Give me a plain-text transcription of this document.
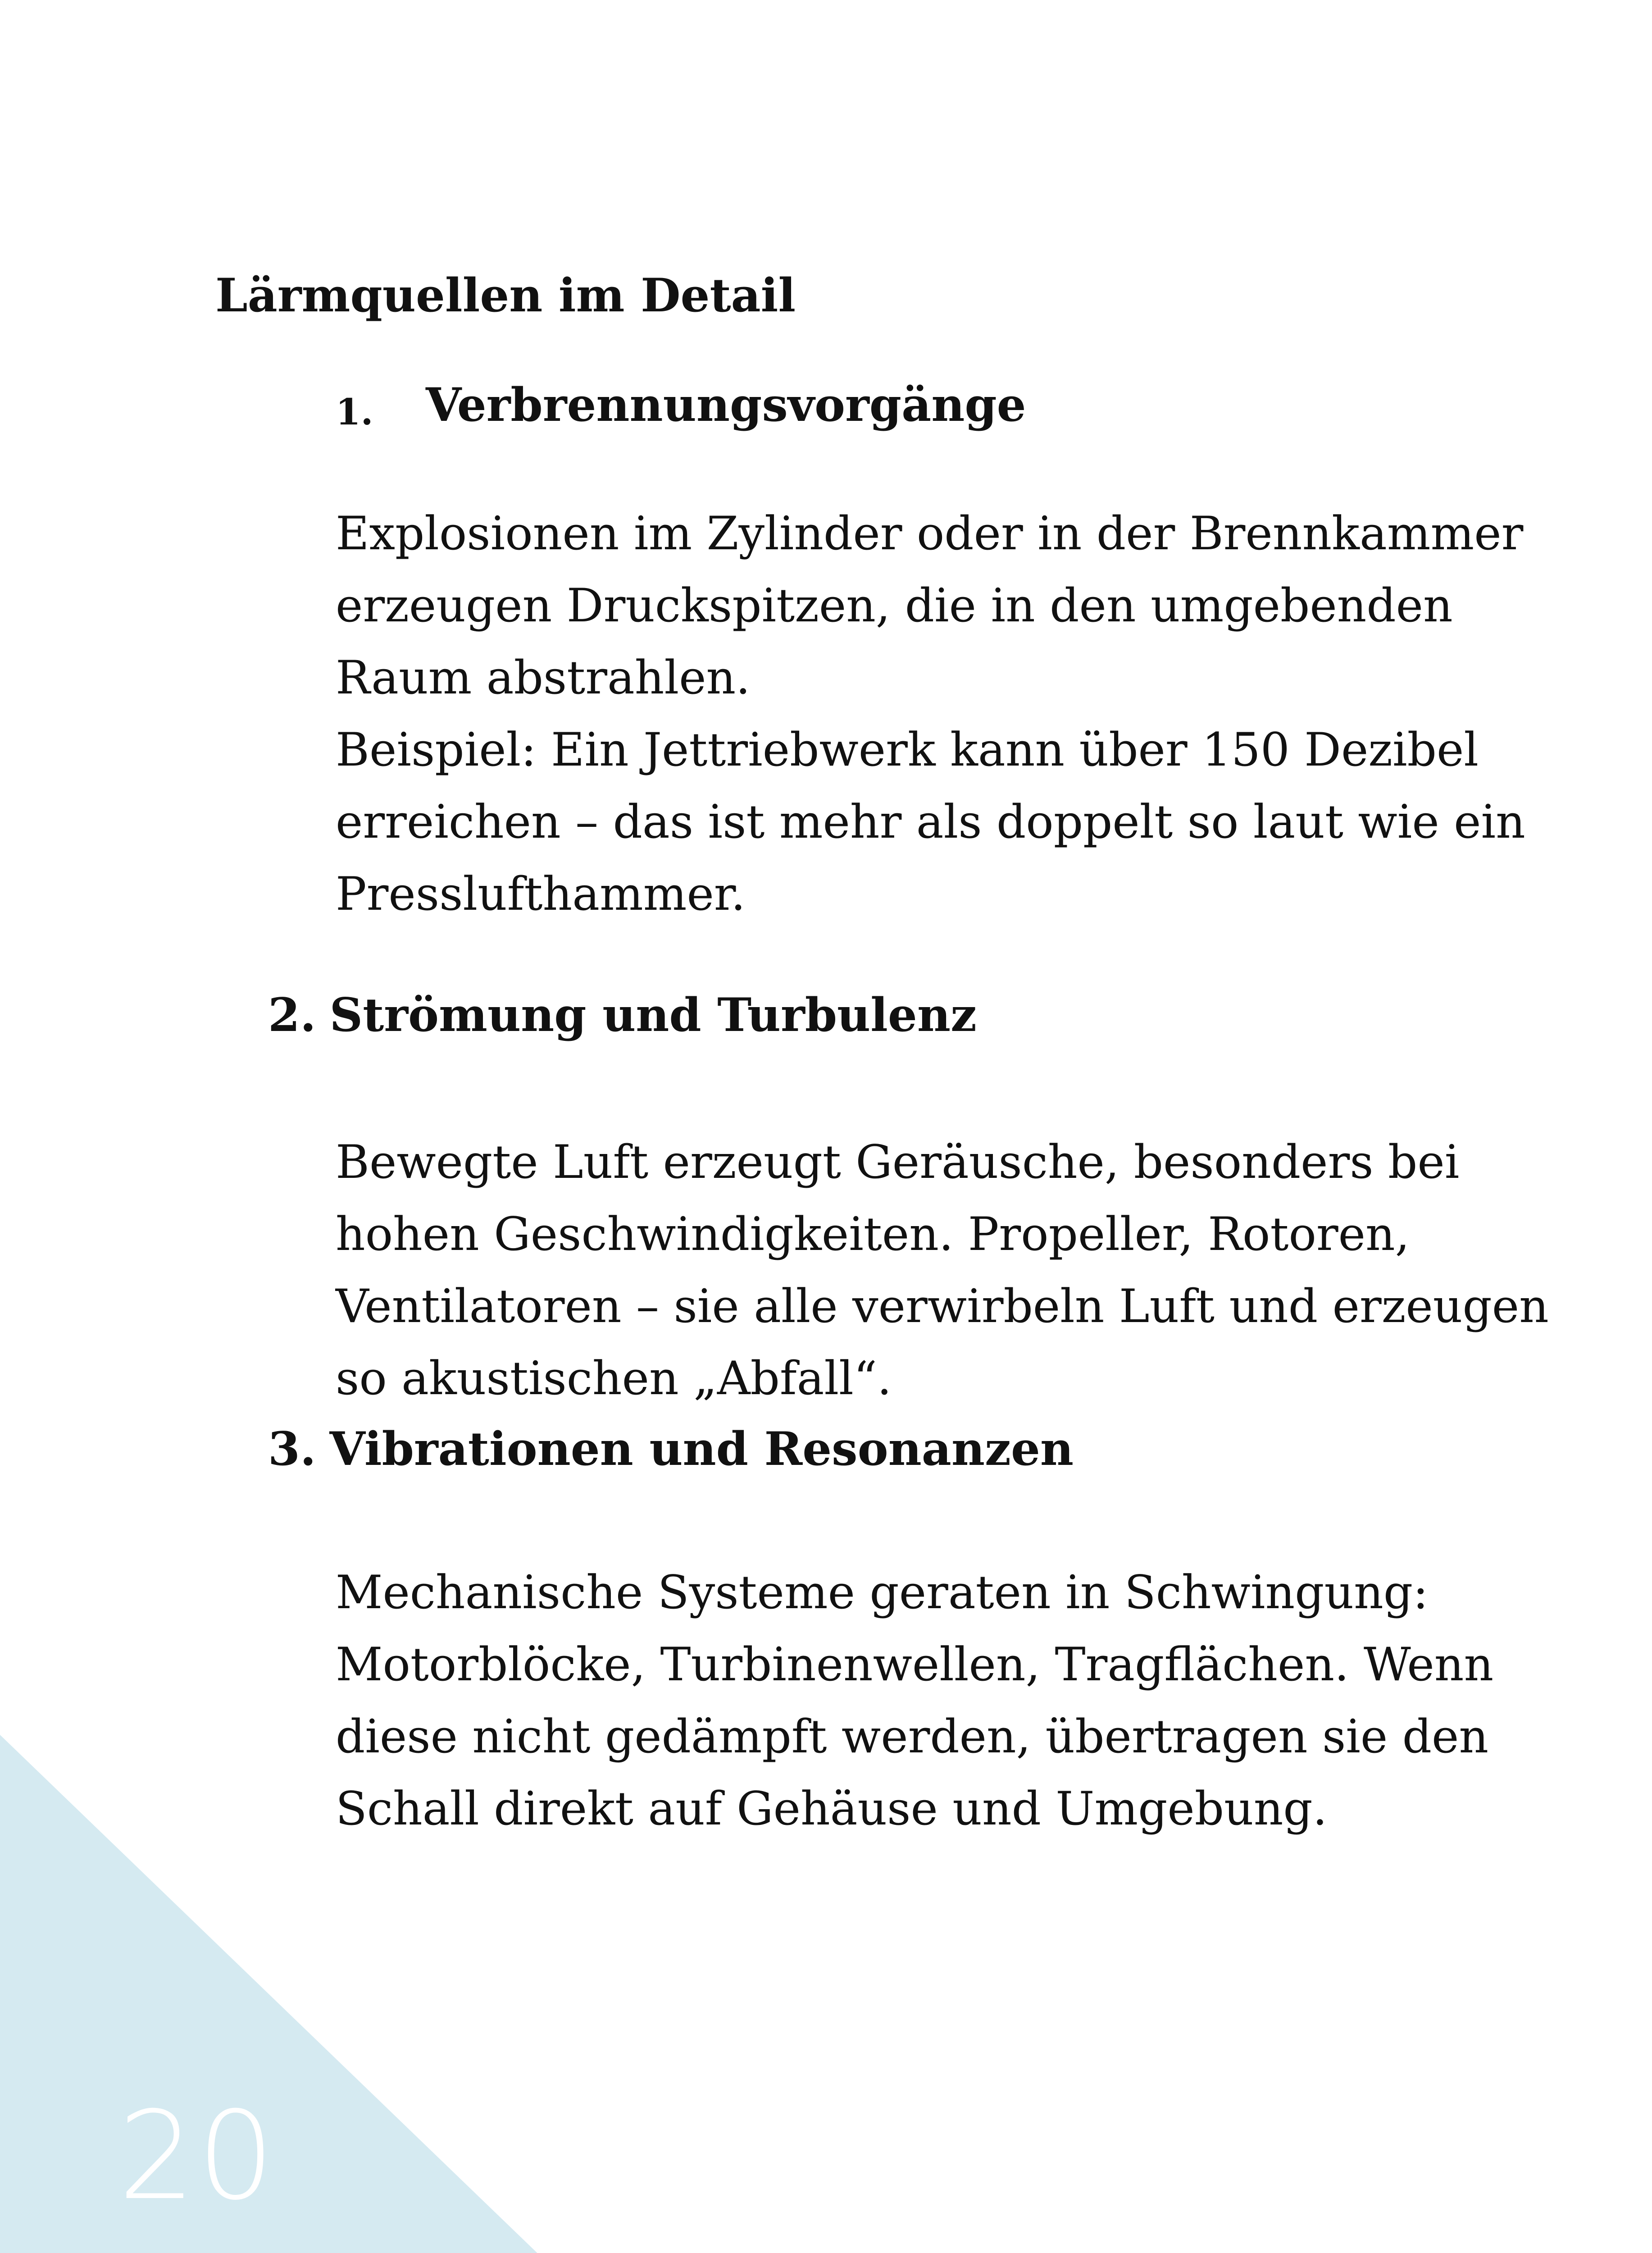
20
Lärmquellen im Detail
1. Verbrennungsvorgänge
Explosionen im Zylinder oder in der Brennkammer
erzeugen Druckspitzen, die in den umgebenden
Raum abstrahlen.
Beispiel: Ein Jettriebwerk kann über 150 Dezibel
erreichen – das ist mehr als doppelt so laut wie ein
Presslufthammer.
2. Strömung und Turbulenz
Bewegte Luft erzeugt Geräusche, besonders bei
hohen Geschwindigkeiten. Propeller, Rotoren,
Ventilatoren – sie alle verwirbeln Luft und erzeugen
so akustischen „Abfall“.
3. Vibrationen und Resonanzen
Mechanische Systeme geraten in Schwingung:
Motorblöcke, Turbinenwellen, Tragflächen. Wenn
diese nicht gedämpft werden, übertragen sie den
Schall direkt auf Gehäuse und Umgebung.
